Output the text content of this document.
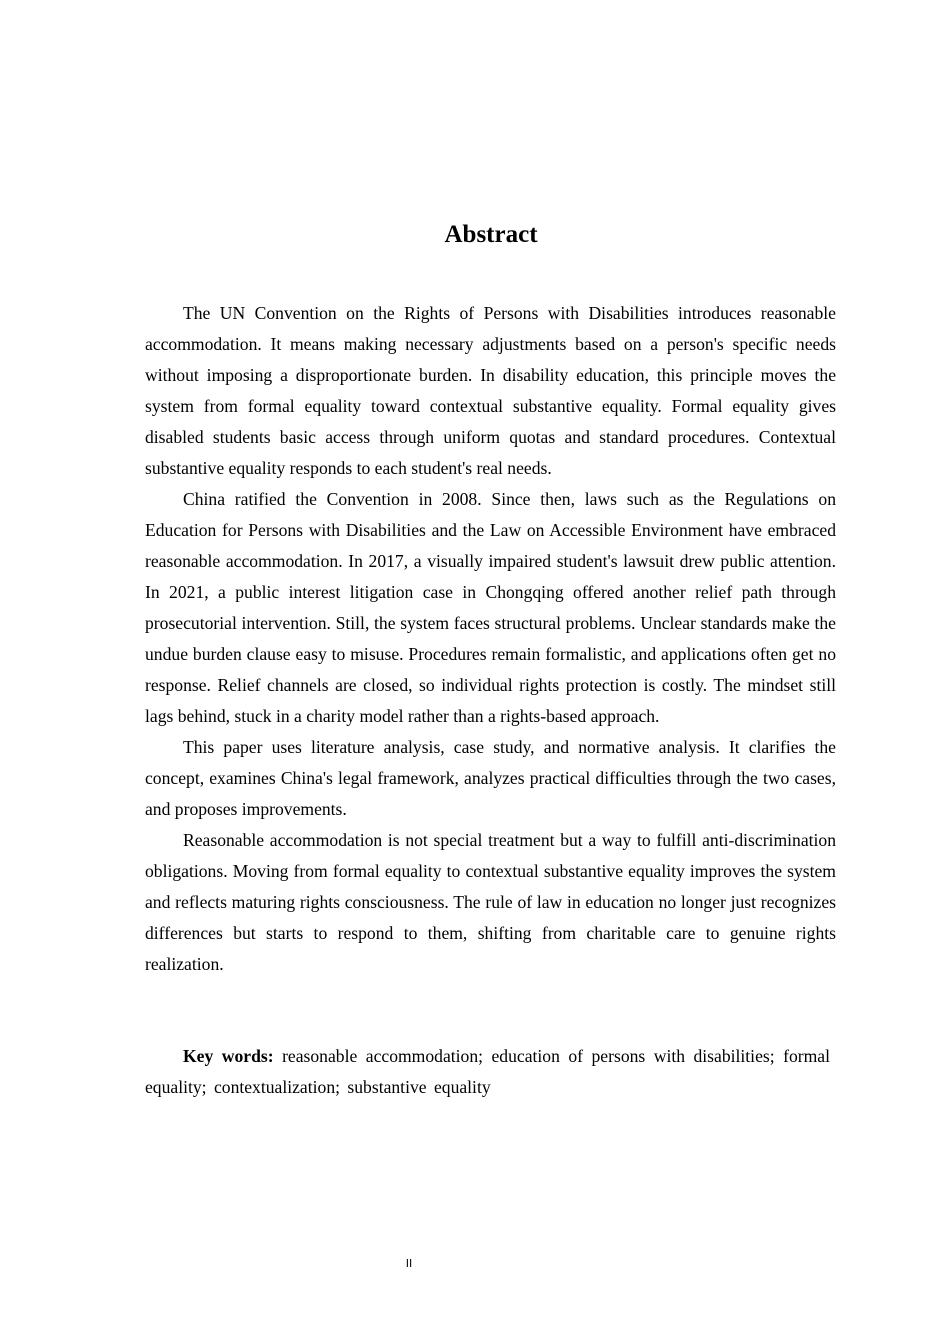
Abstract

The UN Convention on the Rights of Persons with Disabilities introduces reasonable accommodation. It means making necessary adjustments based on a person's specific needs without imposing a disproportionate burden. In disability education, this principle moves the system from formal equality toward contextual substantive equality. Formal equality gives disabled students basic access through uniform quotas and standard procedures. Contextual substantive equality responds to each student's real needs.

China ratified the Convention in 2008. Since then, laws such as the Regulations on Education for Persons with Disabilities and the Law on Accessible Environment have embraced reasonable accommodation. In 2017, a visually impaired student's lawsuit drew public attention. In 2021, a public interest litigation case in Chongqing offered another relief path through prosecutorial intervention. Still, the system faces structural problems. Unclear standards make the undue burden clause easy to misuse. Procedures remain formalistic, and applications often get no response. Relief channels are closed, so individual rights protection is costly. The mindset still lags behind, stuck in a charity model rather than a rights-based approach.

This paper uses literature analysis, case study, and normative analysis. It clarifies the concept, examines China's legal framework, analyzes practical difficulties through the two cases, and proposes improvements.

Reasonable accommodation is not special treatment but a way to fulfill anti-discrimination obligations. Moving from formal equality to contextual substantive equality improves the system and reflects maturing rights consciousness. The rule of law in education no longer just recognizes differences but starts to respond to them, shifting from charitable care to genuine rights realization.

Key words: reasonable accommodation; education of persons with disabilities; formal equality; contextualization; substantive equality

II
